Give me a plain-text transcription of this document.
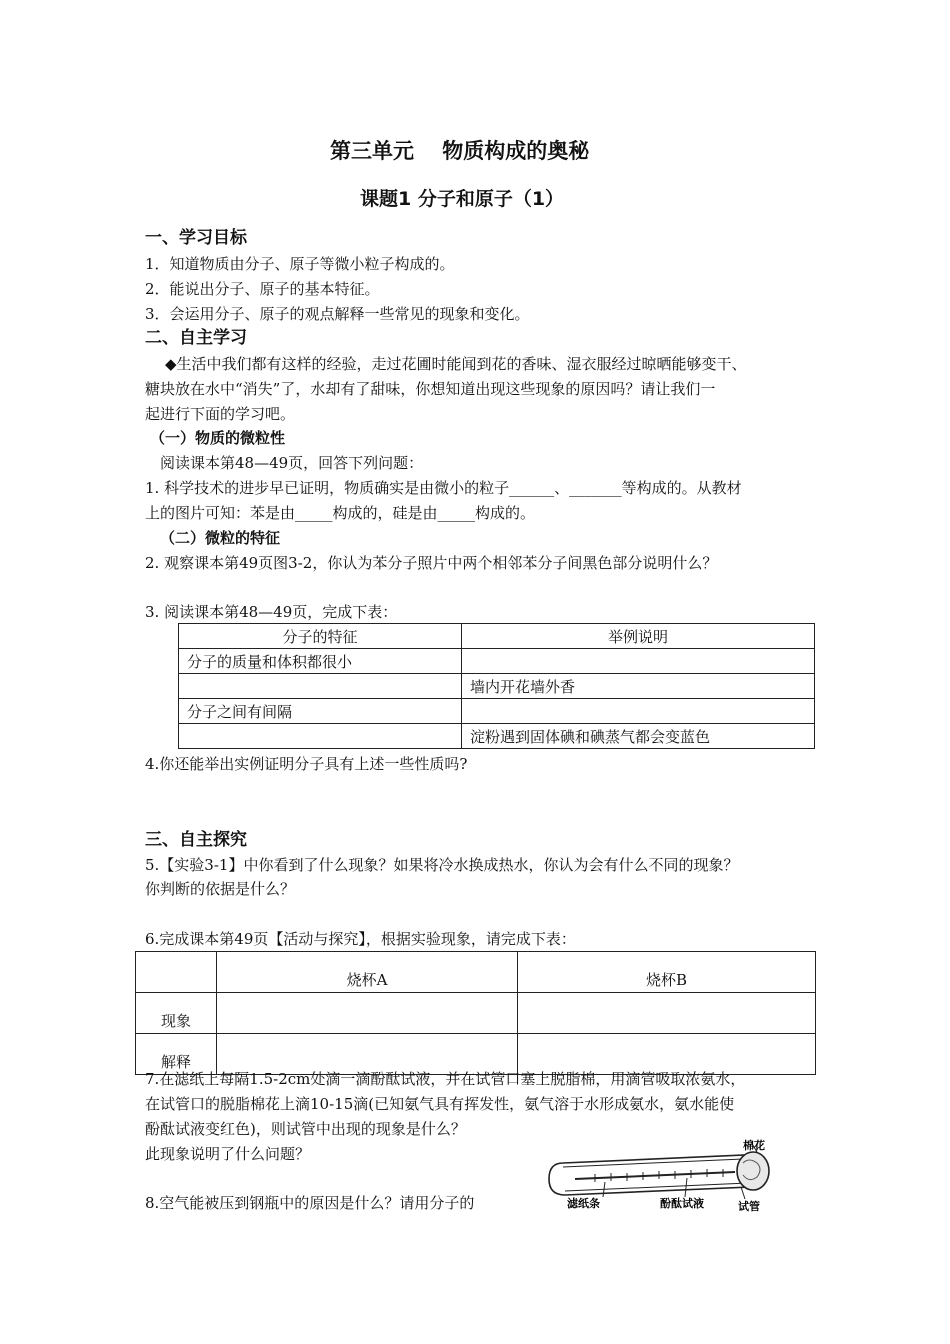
第三单元　 物质构成的奥秘
课题1 分子和原子（1）
一、学习目标
1．知道物质由分子、原子等微小粒子构成的。
2．能说出分子、原子的基本特征。
3．会运用分子、原子的观点解释一些常见的现象和变化。
二、自主学习
◆生活中我们都有这样的经验，走过花圃时能闻到花的香味、湿衣服经过晾晒能够变干、
糖块放在水中“消失”了，水却有了甜味，你想知道出现这些现象的原因吗？请让我们一
起进行下面的学习吧。
（一）物质的微粒性
阅读课本第48—49页，回答下列问题：
1. 科学技术的进步早已证明，物质确实是由微小的粒子______、_______等构成的。从教材
上的图片可知：苯是由_____构成的，硅是由_____构成的。
（二）微粒的特征
2. 观察课本第49页图3-2，你认为苯分子照片中两个相邻苯分子间黑色部分说明什么？
3. 阅读课本第48—49页，完成下表：
分子的特征	举例说明
分子的质量和体积都很小	
	墙内开花墙外香
分子之间有间隔	
	淀粉遇到固体碘和碘蒸气都会变蓝色
4.你还能举出实例证明分子具有上述一些性质吗?
三、自主探究
5.【实验3-1】中你看到了什么现象？如果将冷水换成热水，你认为会有什么不同的现象？
你判断的依据是什么？
6.完成课本第49页【活动与探究】，根据实验现象，请完成下表：
	烧杯A	烧杯B
现象		
解释		
7.在滤纸上每隔1.5-2cm处滴一滴酚酞试液，并在试管口塞上脱脂棉，用滴管吸取浓氨水，
在试管口的脱脂棉花上滴10-15滴(已知氨气具有挥发性，氨气溶于水形成氨水，氨水能使
酚酞试液变红色)，则试管中出现的现象是什么？
此现象说明了什么问题？
8.空气能被压到钢瓶中的原因是什么？请用分子的
棉花
滤纸条	酚酞试液	试管
